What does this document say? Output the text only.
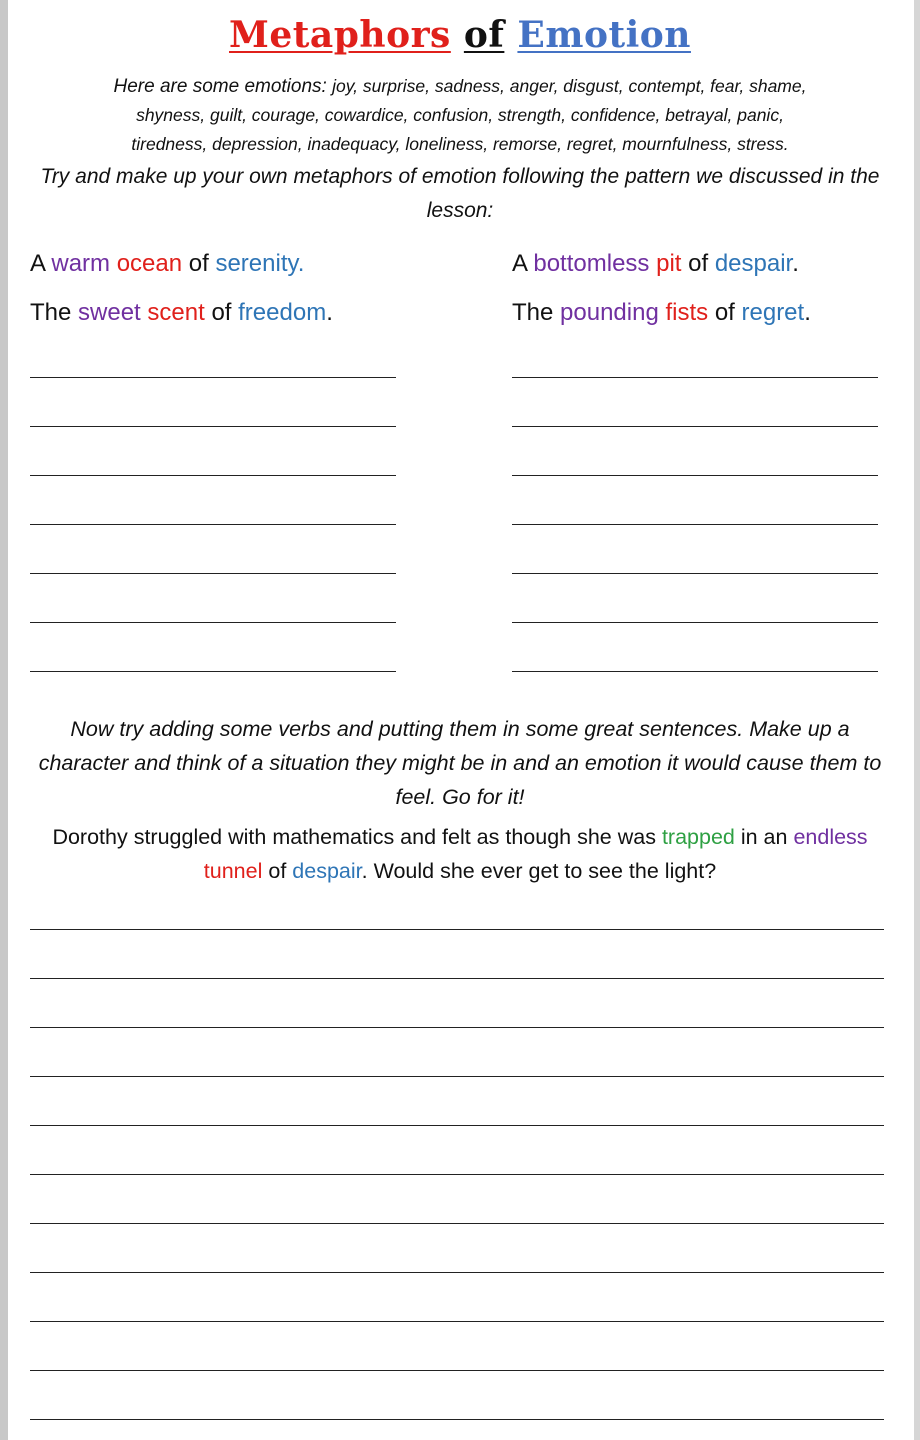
Metaphors of Emotion

Here are some emotions: joy, surprise, sadness, anger, disgust, contempt, fear, shame,
shyness, guilt, courage, cowardice, confusion, strength, confidence, betrayal, panic,
tiredness, depression, inadequacy, loneliness, remorse, regret, mournfulness, stress.

Try and make up your own metaphors of emotion following the pattern we discussed in the lesson:

A warm ocean of serenity.	A bottomless pit of despair.

The sweet scent of freedom.	The pounding fists of regret.

Now try adding some verbs and putting them in some great sentences. Make up a character and think of a situation they might be in and an emotion it would cause them to feel. Go for it!

Dorothy struggled with mathematics and felt as though she was trapped in an endless tunnel of despair. Would she ever get to see the light?
